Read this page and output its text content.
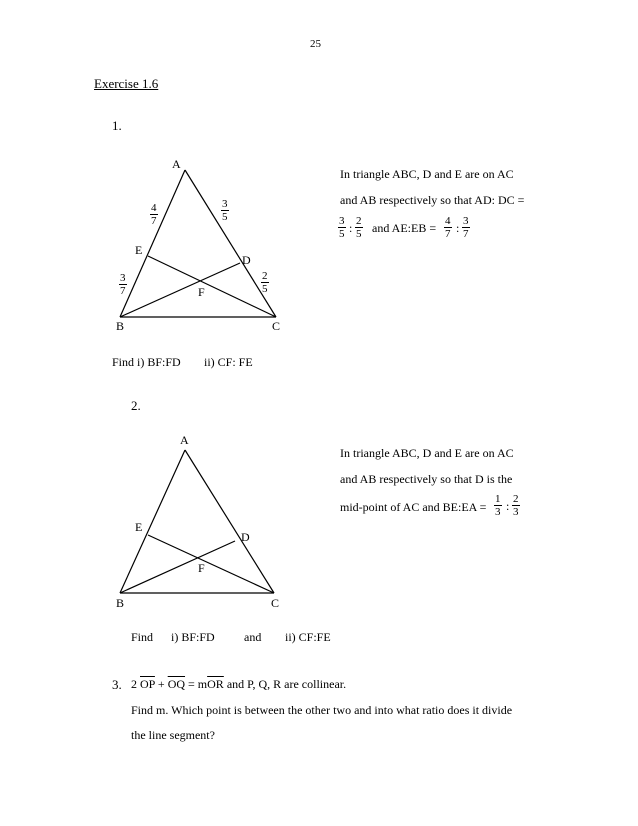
25
Exercise 1.6
1.
A
B	C
D
E
F
$\frac{4}{7}$	$\frac{3}{5}$
$\frac{3}{7}$	$\frac{2}{5}$
In triangle ABC, D and E are on AC
and AB respectively so that AD: DC =
$\frac{3}{5}$ : $\frac{2}{5}$ and AE:EB = $\frac{4}{7}$ : $\frac{3}{7}$
Find i) BF:FD ii) CF: FE
2.
A
B	C
D
E
F
In triangle ABC, D and E are on AC
and AB respectively so that D is the
mid-point of AC and BE:EA = $\frac{1}{3}$ : $\frac{2}{3}$
Find i) BF:FD and ii) CF:FE
3. 2 $\overline{OP} + \overline{OQ} = m\overline{OR}$ and P, Q, R are collinear.
Find m. Which point is between the other two and into what ratio does it divide
the line segment?
